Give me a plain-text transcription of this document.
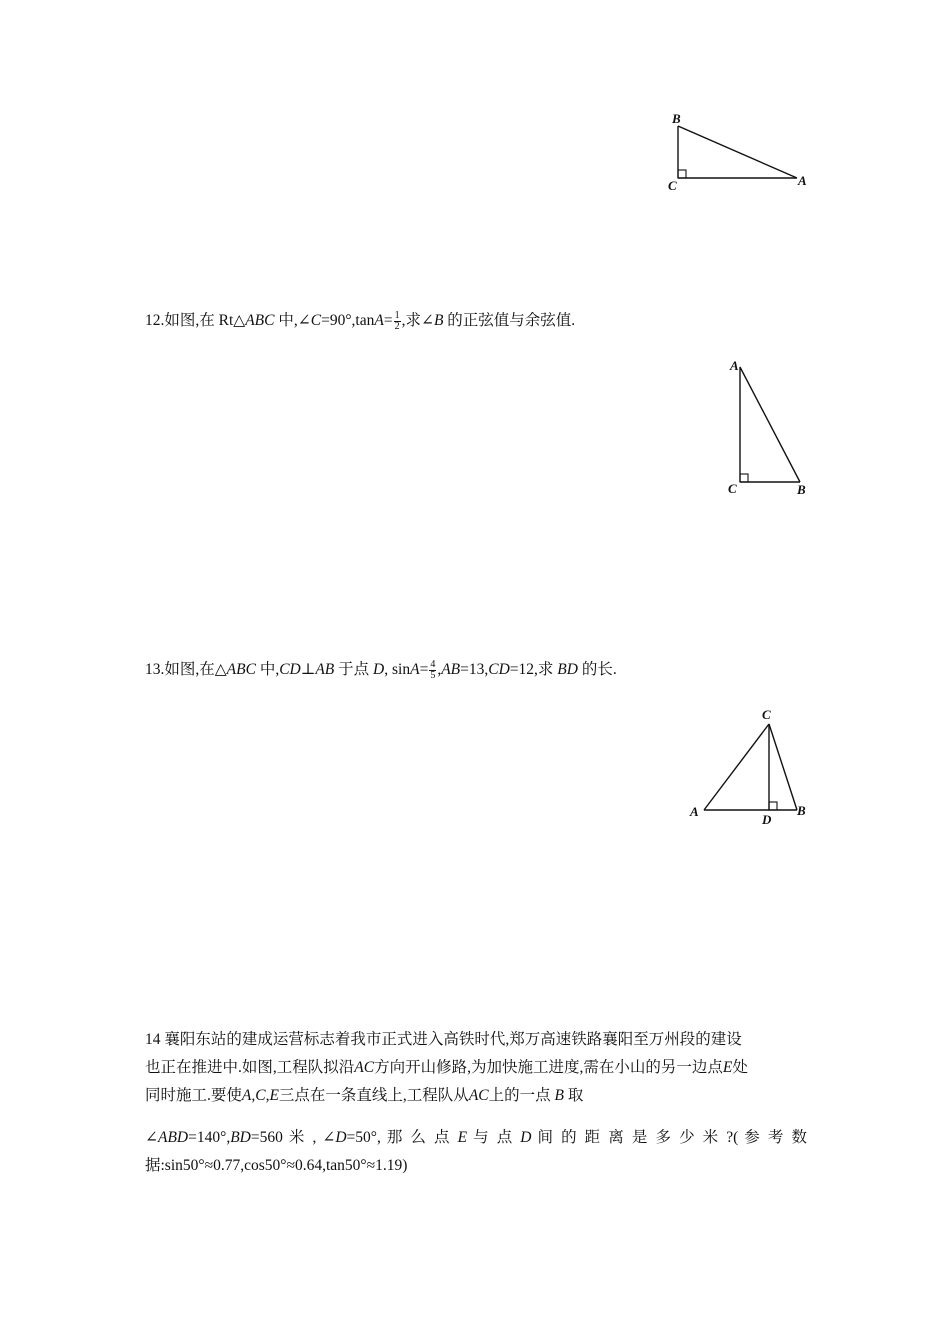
B
C	A
12.如图,在 Rt△ABC 中,∠C=90°,tanA= $\frac{1}{2}$ ,求∠B 的正弦值与余弦值.
A
C	B
13.如图,在△ABC 中,CD⊥AB 于点 D, $\sin A= \frac{4}{5} ,AB=13,CD=12$,求 BD 的长.
C
A
D
B
14 襄阳东站的建成运营标志着我市正式进入高铁时代,郑万高速铁路襄阳至万州段的建设
也正在推进中.如图,工程队拟沿AC方向开山修路,为加快施工进度,需在小山的另一边点E处
同时施工.要使A,C,E三点在一条直线上,工程队从AC上的一点 B 取
∠ABD=140°,BD=560 米 , ∠D=50°, 那 么 点 E 与 点 D 间 的 距 离 是 多 少 米 ?( 参 考 数
据:sin50°≈0.77,cos50°≈0.64,tan50°≈1.19)
